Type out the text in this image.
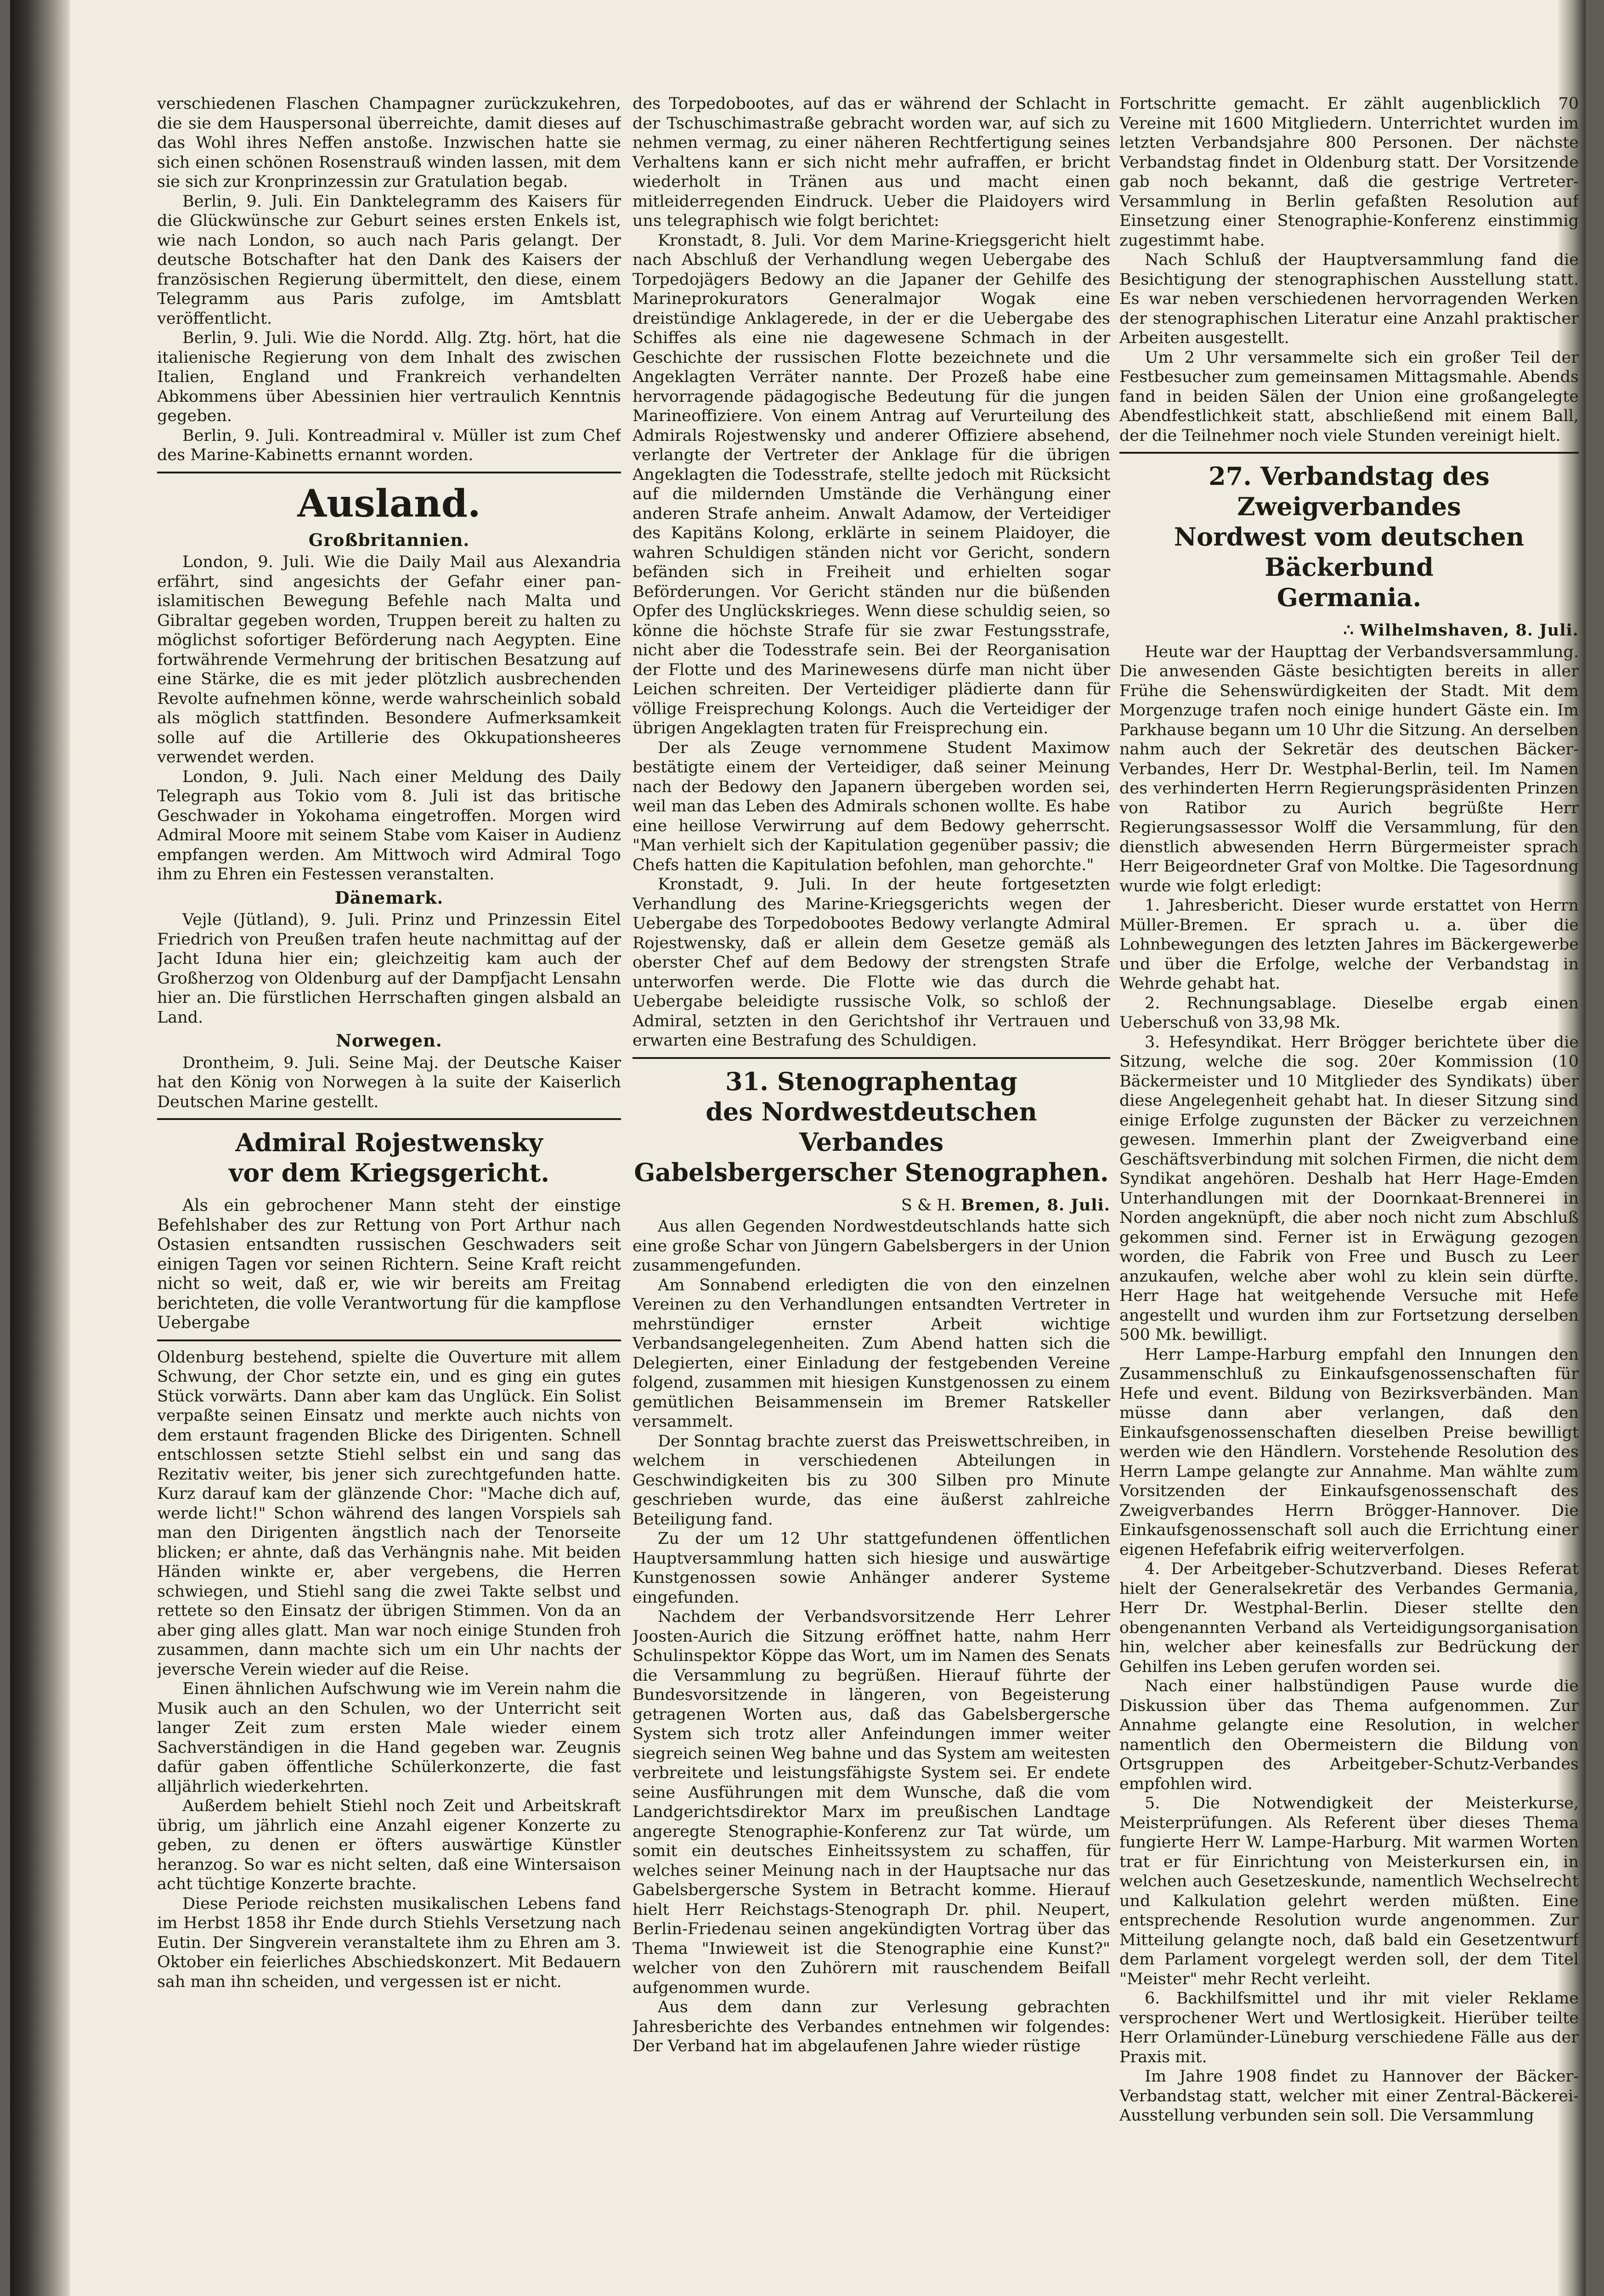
verschiedenen Flaschen Champagner zurückzukehren, die sie dem Hauspersonal überreichte, damit dieses auf das Wohl ihres Neffen anstoße. Inzwischen hatte sie sich einen schönen Rosenstrauß winden lassen, mit dem sie sich zur Kronprinzessin zur Gratulation begab.

Berlin, 9. Juli. Ein Danktelegramm des Kaisers für die Glückwünsche zur Geburt seines ersten Enkels ist, wie nach London, so auch nach Paris gelangt. Der deutsche Botschafter hat den Dank des Kaisers der französischen Regierung übermittelt, den diese, einem Telegramm aus Paris zufolge, im Amtsblatt veröffentlicht.

Berlin, 9. Juli. Wie die Nordd. Allg. Ztg. hört, hat die italienische Regierung von dem Inhalt des zwischen Italien, England und Frankreich verhandelten Abkommens über Abessinien hier vertraulich Kenntnis gegeben.

Berlin, 9. Juli. Kontreadmiral v. Müller ist zum Chef des Marine-Kabinetts ernannt worden.

Ausland.
Großbritannien.

London, 9. Juli. Wie die Daily Mail aus Alexandria erfährt, sind angesichts der Gefahr einer pan-islamitischen Bewegung Befehle nach Malta und Gibraltar gegeben worden, Truppen bereit zu halten zu möglichst sofortiger Beförderung nach Aegypten. Eine fortwährende Vermehrung der britischen Besatzung auf eine Stärke, die es mit jeder plötzlich ausbrechenden Revolte aufnehmen könne, werde wahrscheinlich sobald als möglich stattfinden. Besondere Aufmerksamkeit solle auf die Artillerie des Okkupationsheeres verwendet werden.

London, 9. Juli. Nach einer Meldung des Daily Telegraph aus Tokio vom 8. Juli ist das britische Geschwader in Yokohama eingetroffen. Morgen wird Admiral Moore mit seinem Stabe vom Kaiser in Audienz empfangen werden. Am Mittwoch wird Admiral Togo ihm zu Ehren ein Festessen veranstalten.

Dänemark.

Vejle (Jütland), 9. Juli. Prinz und Prinzessin Eitel Friedrich von Preußen trafen heute nachmittag auf der Jacht Iduna hier ein; gleichzeitig kam auch der Großherzog von Oldenburg auf der Dampfjacht Lensahn hier an. Die fürstlichen Herrschaften gingen alsbald an Land.

Norwegen.

Drontheim, 9. Juli. Seine Maj. der Deutsche Kaiser hat den König von Norwegen à la suite der Kaiserlich Deutschen Marine gestellt.

Admiral Rojestwensky
vor dem Kriegsgericht.

Als ein gebrochener Mann steht der einstige Befehlshaber des zur Rettung von Port Arthur nach Ostasien entsandten russischen Geschwaders seit einigen Tagen vor seinen Richtern. Seine Kraft reicht nicht so weit, daß er, wie wir bereits am Freitag berichteten, die volle Verantwortung für die kampflose Uebergabe

Oldenburg bestehend, spielte die Ouverture mit allem Schwung, der Chor setzte ein, und es ging ein gutes Stück vorwärts. Dann aber kam das Unglück. Ein Solist verpaßte seinen Einsatz und merkte auch nichts von dem erstaunt fragenden Blicke des Dirigenten. Schnell entschlossen setzte Stiehl selbst ein und sang das Rezitativ weiter, bis jener sich zurechtgefunden hatte. Kurz darauf kam der glänzende Chor: "Mache dich auf, werde licht!" Schon während des langen Vorspiels sah man den Dirigenten ängstlich nach der Tenorseite blicken; er ahnte, daß das Verhängnis nahe. Mit beiden Händen winkte er, aber vergebens, die Herren schwiegen, und Stiehl sang die zwei Takte selbst und rettete so den Einsatz der übrigen Stimmen. Von da an aber ging alles glatt. Man war noch einige Stunden froh zusammen, dann machte sich um ein Uhr nachts der jeversche Verein wieder auf die Reise.

Einen ähnlichen Aufschwung wie im Verein nahm die Musik auch an den Schulen, wo der Unterricht seit langer Zeit zum ersten Male wieder einem Sachverständigen in die Hand gegeben war. Zeugnis dafür gaben öffentliche Schülerkonzerte, die fast alljährlich wiederkehrten.

Außerdem behielt Stiehl noch Zeit und Arbeitskraft übrig, um jährlich eine Anzahl eigener Konzerte zu geben, zu denen er öfters auswärtige Künstler heranzog. So war es nicht selten, daß eine Wintersaison acht tüchtige Konzerte brachte.

Diese Periode reichsten musikalischen Lebens fand im Herbst 1858 ihr Ende durch Stiehls Versetzung nach Eutin. Der Singverein veranstaltete ihm zu Ehren am 3. Oktober ein feierliches Abschiedskonzert. Mit Bedauern sah man ihn scheiden, und vergessen ist er nicht.

des Torpedobootes, auf das er während der Schlacht in der Tschuschimastraße gebracht worden war, auf sich zu nehmen vermag, zu einer näheren Rechtfertigung seines Verhaltens kann er sich nicht mehr aufraffen, er bricht wiederholt in Tränen aus und macht einen mitleiderregenden Eindruck. Ueber die Plaidoyers wird uns telegraphisch wie folgt berichtet:

Kronstadt, 8. Juli. Vor dem Marine-Kriegsgericht hielt nach Abschluß der Verhandlung wegen Uebergabe des Torpedojägers Bedowy an die Japaner der Gehilfe des Marineprokurators Generalmajor Wogak eine dreistündige Anklagerede, in der er die Uebergabe des Schiffes als eine nie dagewesene Schmach in der Geschichte der russischen Flotte bezeichnete und die Angeklagten Verräter nannte. Der Prozeß habe eine hervorragende pädagogische Bedeutung für die jungen Marineoffiziere. Von einem Antrag auf Verurteilung des Admirals Rojestwensky und anderer Offiziere absehend, verlangte der Vertreter der Anklage für die übrigen Angeklagten die Todesstrafe, stellte jedoch mit Rücksicht auf die mildernden Umstände die Verhängung einer anderen Strafe anheim. Anwalt Adamow, der Verteidiger des Kapitäns Kolong, erklärte in seinem Plaidoyer, die wahren Schuldigen ständen nicht vor Gericht, sondern befänden sich in Freiheit und erhielten sogar Beförderungen. Vor Gericht ständen nur die büßenden Opfer des Unglückskrieges. Wenn diese schuldig seien, so könne die höchste Strafe für sie zwar Festungsstrafe, nicht aber die Todesstrafe sein. Bei der Reorganisation der Flotte und des Marinewesens dürfe man nicht über Leichen schreiten. Der Verteidiger plädierte dann für völlige Freisprechung Kolongs. Auch die Verteidiger der übrigen Angeklagten traten für Freisprechung ein.

Der als Zeuge vernommene Student Maximow bestätigte einem der Verteidiger, daß seiner Meinung nach der Bedowy den Japanern übergeben worden sei, weil man das Leben des Admirals schonen wollte. Es habe eine heillose Verwirrung auf dem Bedowy geherrscht. "Man verhielt sich der Kapitulation gegenüber passiv; die Chefs hatten die Kapitulation befohlen, man gehorchte."

Kronstadt, 9. Juli. In der heute fortgesetzten Verhandlung des Marine-Kriegsgerichts wegen der Uebergabe des Torpedobootes Bedowy verlangte Admiral Rojestwensky, daß er allein dem Gesetze gemäß als oberster Chef auf dem Bedowy der strengsten Strafe unterworfen werde. Die Flotte wie das durch die Uebergabe beleidigte russische Volk, so schloß der Admiral, setzten in den Gerichtshof ihr Vertrauen und erwarten eine Bestrafung des Schuldigen.

31. Stenographentag
des Nordwestdeutschen Verbandes
Gabelsbergerscher Stenographen.
S & H. Bremen, 8. Juli.

Aus allen Gegenden Nordwestdeutschlands hatte sich eine große Schar von Jüngern Gabelsbergers in der Union zusammengefunden.

Am Sonnabend erledigten die von den einzelnen Vereinen zu den Verhandlungen entsandten Vertreter in mehrstündiger ernster Arbeit wichtige Verbandsangelegenheiten. Zum Abend hatten sich die Delegierten, einer Einladung der festgebenden Vereine folgend, zusammen mit hiesigen Kunstgenossen zu einem gemütlichen Beisammensein im Bremer Ratskeller versammelt.

Der Sonntag brachte zuerst das Preiswettschreiben, in welchem in verschiedenen Abteilungen in Geschwindigkeiten bis zu 300 Silben pro Minute geschrieben wurde, das eine äußerst zahlreiche Beteiligung fand.

Zu der um 12 Uhr stattgefundenen öffentlichen Hauptversammlung hatten sich hiesige und auswärtige Kunstgenossen sowie Anhänger anderer Systeme eingefunden.

Nachdem der Verbandsvorsitzende Herr Lehrer Joosten-Aurich die Sitzung eröffnet hatte, nahm Herr Schulinspektor Köppe das Wort, um im Namen des Senats die Versammlung zu begrüßen. Hierauf führte der Bundesvorsitzende in längeren, von Begeisterung getragenen Worten aus, daß das Gabelsbergersche System sich trotz aller Anfeindungen immer weiter siegreich seinen Weg bahne und das System am weitesten verbreitete und leistungsfähigste System sei. Er endete seine Ausführungen mit dem Wunsche, daß die vom Landgerichtsdirektor Marx im preußischen Landtage angeregte Stenographie-Konferenz zur Tat würde, um somit ein deutsches Einheitssystem zu schaffen, für welches seiner Meinung nach in der Hauptsache nur das Gabelsbergersche System in Betracht komme. Hierauf hielt Herr Reichstags-Stenograph Dr. phil. Neupert, Berlin-Friedenau seinen angekündigten Vortrag über das Thema "Inwieweit ist die Stenographie eine Kunst?" welcher von den Zuhörern mit rauschendem Beifall aufgenommen wurde.

Aus dem dann zur Verlesung gebrachten Jahresberichte des Verbandes entnehmen wir folgendes: Der Verband hat im abgelaufenen Jahre wieder rüstige

Fortschritte gemacht. Er zählt augenblicklich 70 Vereine mit 1600 Mitgliedern. Unterrichtet wurden im letzten Verbandsjahre 800 Personen. Der nächste Verbandstag findet in Oldenburg statt. Der Vorsitzende gab noch bekannt, daß die gestrige Vertreter-Versammlung in Berlin gefaßten Resolution auf Einsetzung einer Stenographie-Konferenz einstimmig zugestimmt habe.

Nach Schluß der Hauptversammlung fand die Besichtigung der stenographischen Ausstellung statt. Es war neben verschiedenen hervorragenden Werken der stenographischen Literatur eine Anzahl praktischer Arbeiten ausgestellt.

Um 2 Uhr versammelte sich ein großer Teil der Festbesucher zum gemeinsamen Mittagsmahle. Abends fand in beiden Sälen der Union eine großangelegte Abendfestlichkeit statt, abschließend mit einem Ball, der die Teilnehmer noch viele Stunden vereinigt hielt.

27. Verbandstag des Zweigverbandes
Nordwest vom deutschen Bäckerbund
Germania.
∴ Wilhelmshaven, 8. Juli.

Heute war der Haupttag der Verbandsversammlung. Die anwesenden Gäste besichtigten bereits in aller Frühe die Sehenswürdigkeiten der Stadt. Mit dem Morgenzuge trafen noch einige hundert Gäste ein. Im Parkhause begann um 10 Uhr die Sitzung. An derselben nahm auch der Sekretär des deutschen Bäcker-Verbandes, Herr Dr. Westphal-Berlin, teil. Im Namen des verhinderten Herrn Regierungspräsidenten Prinzen von Ratibor zu Aurich begrüßte Herr Regierungsassessor Wolff die Versammlung, für den dienstlich abwesenden Herrn Bürgermeister sprach Herr Beigeordneter Graf von Moltke. Die Tagesordnung wurde wie folgt erledigt:

1. Jahresbericht. Dieser wurde erstattet von Herrn Müller-Bremen. Er sprach u. a. über die Lohnbewegungen des letzten Jahres im Bäckergewerbe und über die Erfolge, welche der Verbandstag in Wehrde gehabt hat.

2. Rechnungsablage. Dieselbe ergab einen Ueberschuß von 33,98 Mk.

3. Hefesyndikat. Herr Brögger berichtete über die Sitzung, welche die sog. 20er Kommission (10 Bäckermeister und 10 Mitglieder des Syndikats) über diese Angelegenheit gehabt hat. In dieser Sitzung sind einige Erfolge zugunsten der Bäcker zu verzeichnen gewesen. Immerhin plant der Zweigverband eine Geschäftsverbindung mit solchen Firmen, die nicht dem Syndikat angehören. Deshalb hat Herr Hage-Emden Unterhandlungen mit der Doornkaat-Brennerei in Norden angeknüpft, die aber noch nicht zum Abschluß gekommen sind. Ferner ist in Erwägung gezogen worden, die Fabrik von Free und Busch zu Leer anzukaufen, welche aber wohl zu klein sein dürfte. Herr Hage hat weitgehende Versuche mit Hefe angestellt und wurden ihm zur Fortsetzung derselben 500 Mk. bewilligt.

Herr Lampe-Harburg empfahl den Innungen den Zusammenschluß zu Einkaufsgenossenschaften für Hefe und event. Bildung von Bezirksverbänden. Man müsse dann aber verlangen, daß den Einkaufsgenossenschaften dieselben Preise bewilligt werden wie den Händlern. Vorstehende Resolution des Herrn Lampe gelangte zur Annahme. Man wählte zum Vorsitzenden der Einkaufsgenossenschaft des Zweigverbandes Herrn Brögger-Hannover. Die Einkaufsgenossenschaft soll auch die Errichtung einer eigenen Hefefabrik eifrig weiterverfolgen.

4. Der Arbeitgeber-Schutzverband. Dieses Referat hielt der Generalsekretär des Verbandes Germania, Herr Dr. Westphal-Berlin. Dieser stellte den obengenannten Verband als Verteidigungsorganisation hin, welcher aber keinesfalls zur Bedrückung der Gehilfen ins Leben gerufen worden sei.

Nach einer halbstündigen Pause wurde die Diskussion über das Thema aufgenommen. Zur Annahme gelangte eine Resolution, in welcher namentlich den Obermeistern die Bildung von Ortsgruppen des Arbeitgeber-Schutz-Verbandes empfohlen wird.

5. Die Notwendigkeit der Meisterkurse, Meisterprüfungen. Als Referent über dieses Thema fungierte Herr W. Lampe-Harburg. Mit warmen Worten trat er für Einrichtung von Meisterkursen ein, in welchen auch Gesetzeskunde, namentlich Wechselrecht und Kalkulation gelehrt werden müßten. Eine entsprechende Resolution wurde angenommen. Zur Mitteilung gelangte noch, daß bald ein Gesetzentwurf dem Parlament vorgelegt werden soll, der dem Titel "Meister" mehr Recht verleiht.

6. Backhilfsmittel und ihr mit vieler Reklame versprochener Wert und Wertlosigkeit. Hierüber teilte Herr Orlamünder-Lüneburg verschiedene Fälle aus der Praxis mit.

Im Jahre 1908 findet zu Hannover der Bäcker-Verbandstag statt, welcher mit einer Zentral-Bäckerei-Ausstellung verbunden sein soll. Die Versammlung
